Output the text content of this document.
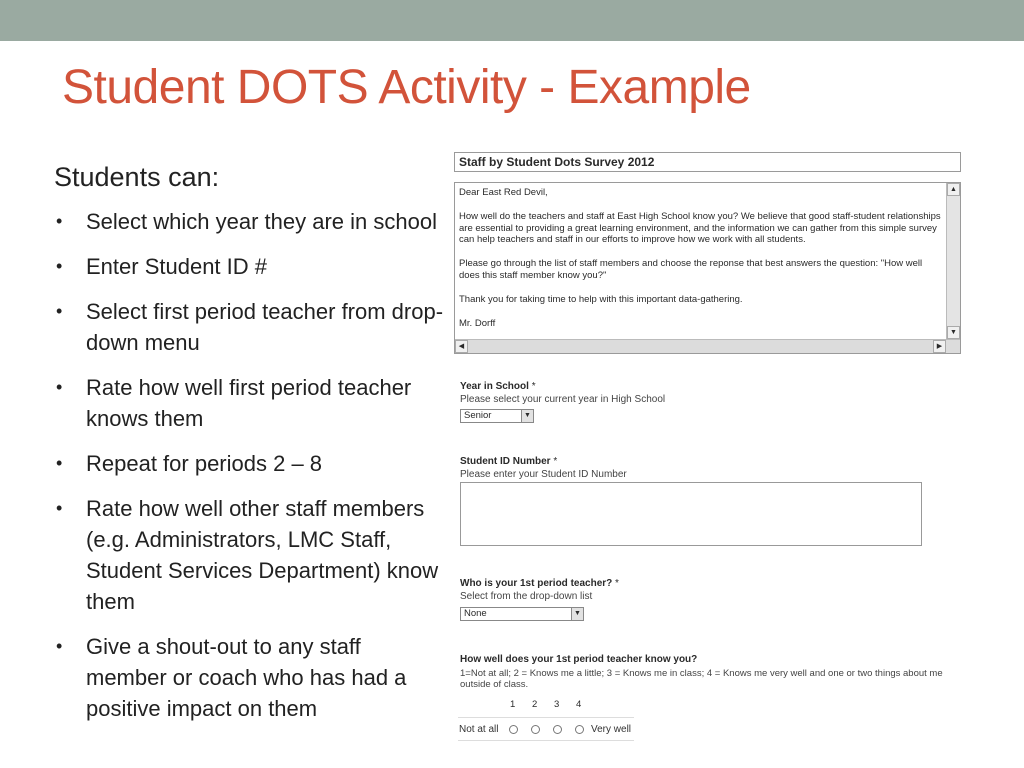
Student DOTS Activity - Example
Students can:
• Select which year they are in school
• Enter Student ID #
• Select first period teacher from drop-down menu
• Rate how well first period teacher knows them
• Repeat for periods 2 – 8
• Rate how well other staff members (e.g. Administrators, LMC Staff, Student Services Department) know them
• Give a shout-out to any staff member or coach who has had a positive impact on them
Staff by Student Dots Survey 2012

Dear East Red Devil,

How well do the teachers and staff at East High School know you? We believe that good staff-student relationships are essential to providing a great learning environment, and the information we can gather from this simple survey can help teachers and staff in our efforts to improve how we work with all students.

Please go through the list of staff members and choose the reponse that best answers the question: "How well does this staff member know you?"

Thank you for taking time to help with this important data-gathering.

Mr. Dorff

▲
▼
◀	▶
Year in School *
Please select your current year in High School
Senior	▼
Student ID Number *
Please enter your Student ID Number
Who is your 1st period teacher? *
Select from the drop-down list
None	▼
How well does your 1st period teacher know you?
1=Not at all; 2 = Knows me a little; 3 = Knows me in class; 4 = Knows me very well and one or two things about me outside of class.
1 2 3 4
Not at all	Very well
